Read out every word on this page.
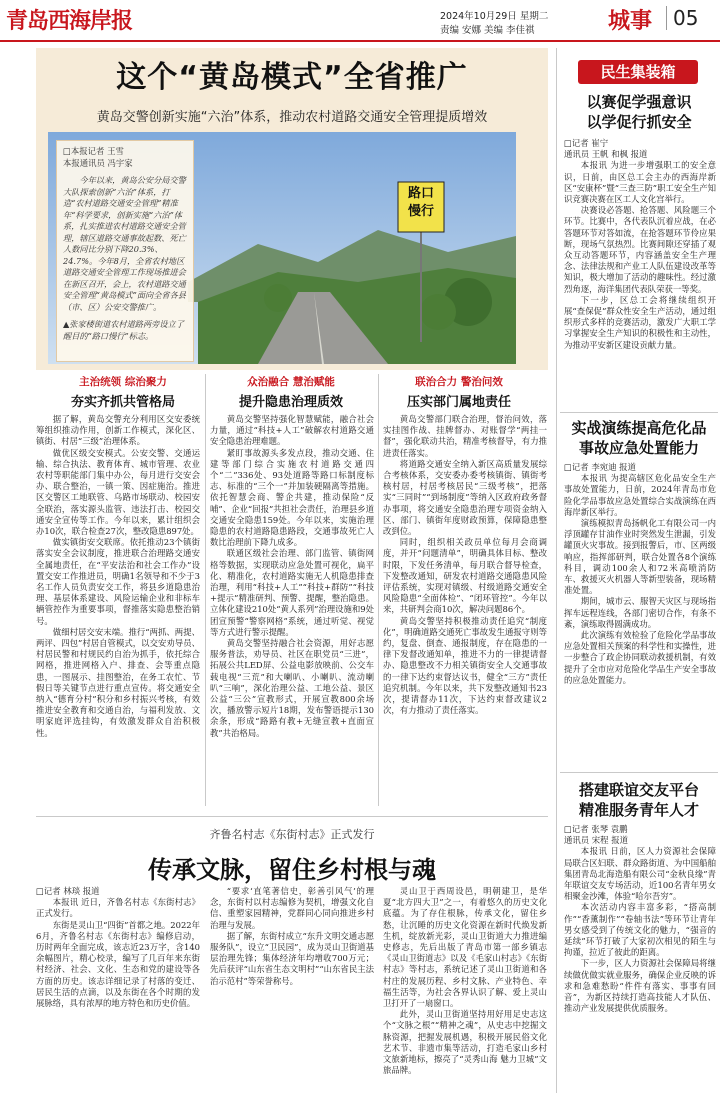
青岛西海岸报	2024年10月29日 星期二
责编 安娜 美编 李佳祺	城事	05
这个“黄岛模式”全省推广
黄岛交警创新实施“六治”体系，推动农村道路交通安全管理提质增效
路口
慢行
□本报记者 王雪
本报通讯员 冯宇家
今年以来，黄岛公安分局交警大队探索创新“六治”体系，打造“农村道路交通安全管理”精准年“科学要求，创新实施“六治”体系，扎实推进农村道路交通安全管理，辖区道路交通事故起数、死亡人数同比分别下降20.3%、24.7%。今年8月，全省农村地区道路交通安全管理工作现场推进会在新区召开，会上，农村道路交通安全管理“黄岛模式”面向全省各县（市、区）公安交警推广。
▲张家楼街道农村道路两旁设立了醒目的“路口慢行”标志。
主治统领 综治聚力
夯实齐抓共管格局
众治融合 慧治赋能
提升隐患治理质效
联治合力 警治问效
压实部门属地责任

据了解，黄岛交警充分利用区交安委统筹组织推动作用，创新工作模式，深化区、镇街、村居“三级”治理体系。

做优区级交安模式。公安交警、交通运输、综合执法、教育体育、城市管理、农业农村等职能部门集中办公，每月进行交安会办、联合整治，一镇一策、因症施治。推进区交警区工地联管、乌路市场联动、校园安全联治，落实源头监管、违法打击、校园交通安全宣传等工作。今年以来，累计组织会办10次，联合检查27次，整改隐患897处。

做实镇街安交联席。依托推动23个镇街落实安全会议制度，推进联合治理路交通安全属地责任，在“平安法治和社会工作办”设置交安工作推进员，明确1名领导和不少于3名工作人员负责安交工作，将县乡道隐患治理、基层体系建设、风险运输企业和非标车辆管控作为重要事项，督推落实隐患整治销号。

做细村居交安末端。推行“两抓、两提、两评、四包”村居自管模式，以交安劝导员、村居民警和村规民约自治为抓手，依托综合网格，推进网格入户、排查、会等重点隐患，一图展示、挂图整治，在务工农忙、节假日等关键节点进行重点宣传。将交通安全纳入“德育分村”积分和乡村振兴考核，有效推进安全教育和交通自治，与福利发放、文明家庭评选挂钩，有效激发群众自治积极性。

黄岛交警坚持强化智慧赋能，融合社会力量，通过“科技+人工”破解农村道路交通安全隐患治理难题。

紧盯事故源头多发点段，推动交通、住建等部门综合实施农村道路交通四个“二”336处、93处道路等路口标制度标志、标准的“三个一”并加装硬隔离等措施。依托智慧会商、警企共建，推动保险“反哺”、企业“回报”共担社会责任，治理县乡道交通安全隐患159处。今年以来，实施治理隐患的农村道路隐患路段，交通事故死亡人数比治理前下降九成多。

联通区级社会治理、部门监管、镇街网格等数据，实现联动应急处置可视化，扁平化、精准化，农村道路实施无人机隐患排查治理，利用“科技+人工”“科技+群防”“科技+提示”精准研判、预警、提醒，整治隐患。立体化建设210处“黄人系列”治理设施和9处团宣预警“警察网格”系统，通过听觉、视觉等方式进行警示提醒。

黄岛交警坚持融合社会资源，用好志愿服务普法，劝导员、社区在职党员“三进”，拓展公共LED屏、公益电影放映前、公交车载电视“三荒”和大喇叭、小喇叭、流动喇叭“三响”，深化治理公益、工地公益、景区公益“三公”宣教形式，开展宣教800余场次，播放警示短片18期，发布警语提示130余条，形成“路路有教+无缝宣教+直面宣教”共治格局。

黄岛交警部门联合治理，督治问效，落实挂图作战、挂牌督办、对账督学“两挂一督”，强化联动共治，精准考核督导，有力推进责任落实。

将道路交通安全纳入新区高质量发展综合考核体系，交安委办委考核镇街、镇街考核村居，村居考核居民“三级考核”，把落实“三同时”“到场制度”等纳入区政府政务督办事项，将交通安全隐患治理专项资金纳入区、部门、镇街年度财政预算，保障隐患整改到位。

同时，组织相关政员单位每月会商调度，并开“问题清单”，明确具体目标、整改时限，下发任务清单，每月联合督导检查，下发整改通知，研发农村道路交通隐患风险评估系统，实现对镇级、村级道路交通安全风险隐患“全面体检”、“闭环管控”。今年以来，共研判会商10次，解决问题86个。

黄岛交警坚持积极推动责任追究“制度化”，明确道路交通死亡事故发生通报守则等约，复盘、倒查、通报制度，存在隐患的一律下发督改通知单，推进不力的一律提请督办、隐患整改不力相关镇街安全人交通事故的一律下达约束督达议书，健全“三方”责任追究机制。今年以来，共下发整改通知书23次，提请督办11次，下达约束督改建议2次，有力推动了责任落实。

齐鲁名村志《东街村志》正式发行
传承文脉，留住乡村根与魂
□记者 林琰 报道

本报讯 近日，齐鲁名村志《东街村志》正式发行。

东街是灵山卫“四街”首都之地。2022年6月，齐鲁名村志《东街村志》编修启动，历时两年全面完成，该志近23万字，含140余幅图片，精心校录，编写了几百年来东街村经济、社会、文化、生态和党的建设等各方面的历史。该志详细记录了村落的变迁、居民生活的点滴，以及东街在各个时期的发展脉络，具有浓厚的地方特色和历史价值。

“要求‘直笔著信史，彰善引风气’的理念，东街村以村志编修为契机，增强文化自信、重塑家园精神，党群同心同向推进乡村治理与发展。

据了解，东街村成立“东升文明交通志愿服务队”，设立“卫民园”，成为灵山卫街道基层治理先锋；集体经济年均增收700万元；先后获评“山东省生态文明村”“山东省民主法治示范村”等荣誉称号。

灵山卫于西周设邑，明朝建卫，是华夏“北方四大卫”之一，有着悠久的历史文化底蕴。为了存住根脉，传承文化，留住乡愁，让沉睡的历史文化资源在新时代焕发新生机，绽放新光彩，灵山卫街道大力推进编史修志，先后出版了青岛市第一部乡镇志《灵山卫街道志》以及《毛家山村志》《东街村志》等村志，系统记述了灵山卫街道和各村庄的发展历程、乡村文脉、产业特色、幸福生活等，为社会各界认识了解、爱上灵山卫打开了一扇窗口。

此外，灵山卫街道坚持用好用足史志这个“文脉之根”“精神之魂”，从史志中挖掘文脉资源，把握发展机遇，积极开展民俗文化艺术节、非遗市集等活动，打造毛家山乡村文旅新地标，擦亮了“灵秀山海 魅力卫城”文旅品牌。

民生集装箱
以赛促学强意识
以学促行抓安全
□记者 崔宁
通讯员 王帆 和枫 报道

本报讯 为进一步增强职工的安全意识，日前，由区总工会主办的西海岸新区“安康杯”暨“三查三防”职工安全生产知识竞赛决赛在区工人文化宫举行。

决赛设必答题、抢答题、风险题三个环节。比赛中，各代表队沉着应战，在必答题环节对答如流，在抢答题环节伶应果断，现场气氛热烈。比赛间隙还穿插了观众互动答题环节，内容涵盖安全生产理念、法律法规和产业工人队伍建设改革等知识，极大增加了活动的趣味性。经过激烈角逐，海洋集团代表队荣获一等奖。

下一步，区总工会将继续组织开展“查保促”群众性安全生产活动，通过组织形式多样的竞赛活动，激发广大职工学习掌握安全生产知识的积极性和主动性，为推动平安新区建设贡献力量。

实战演练提高危化品
事故应急处置能力
□记者 李宛迪 报道

本报讯 为提高辖区危化品安全生产事故处置能力，日前，2024年青岛市危险化学品事故应急处置综合实战演练在西海岸新区举行。

演练模拟青岛扬帆化工有限公司一内浮顶罐存甘油作业时突然发生泄漏，引发罐顶火灾事故。接到报警后，市、区两级响应，指挥部研判，联合处置各8个演练科目，调动100余人和72米高喷消防车、救援灭火机器人等新型装备，现场精准处置。

期间，城市云、服智天灾区与现场指挥车远程连线，各部门密切合作，有条不紊，演练取得圆满成功。

此次演练有效检验了危险化学品事故应急处置相关预案的科学性和实操性，进一步整合了政企协同联动救援机制，有效提升了全市应对危险化学品生产安全事故的应急处置能力。

搭建联谊交友平台
精准服务青年人才
□记者 张琴 袁鹏
通讯员 宋程 报道

本报讯 日前，区人力资源社会保障局联合区妇联、群众路街道、为中国船舶集团青岛北海造船有限公司“金秋良缘”青年联谊交友专场活动，近100名青年男女相聚金沙滩，体验“哈尔吾穷”。

本次活动内容丰富多彩，“搭高制作”“香薰制作”“卷轴书法”等环节让青年男女感受到了传统文化的魅力，“强音的延续”环节打破了大家初次相见的陌生与拘谨，拉近了彼此的距离。

下一步，区人力资源社会保障局将继续做优做实就业服务，确保企业反映的诉求和急难愁盼“件件有落实、事事有回音”，为新区持续打造高技能人才队伍、推动产业发展提供优质服务。
